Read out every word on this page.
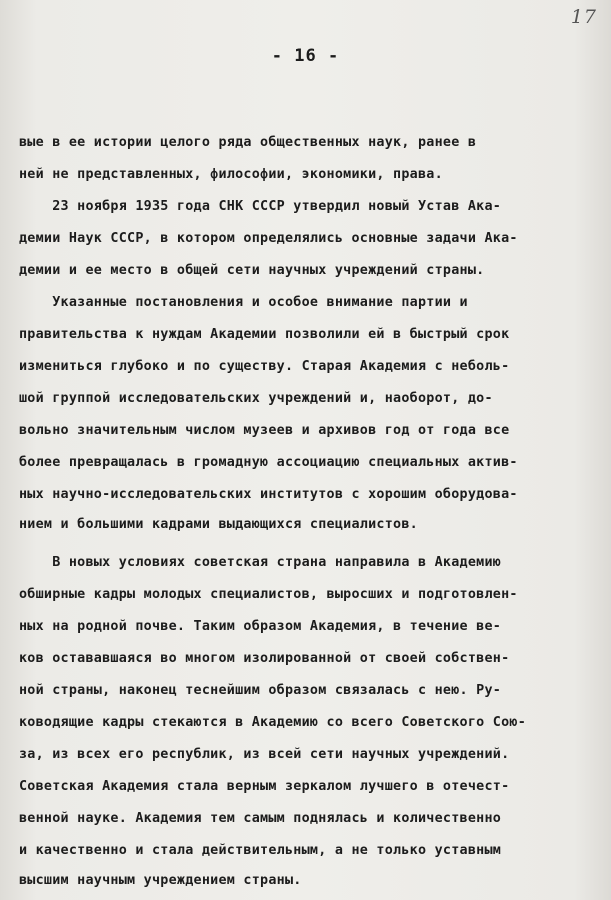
17
- 16 -
вые в ее истории целого ряда общественных наук, ранее в
ней не представленных, философии, экономики, права.
23 ноября 1935 года СНК СССР утвердил новый Устав Ака-
демии Наук СССР, в котором определялись основные задачи Ака-
демии и ее место в общей сети научных учреждений страны.
Указанные постановления и особое внимание партии и
правительства к нуждам Академии позволили ей в быстрый срок
измениться глубоко и по существу. Старая Академия с неболь-
шой группой исследовательских учреждений и, наоборот, до-
вольно значительным числом музеев и архивов год от года все
более превращалась в громадную ассоциацию специальных актив-
ных научно-исследовательских институтов с хорошим оборудова-
нием и большими кадрами выдающихся специалистов.
В новых условиях советская страна направила в Академию
обширные кадры молодых специалистов, выросших и подготовлен-
ных на родной почве. Таким образом Академия, в течение ве-
ков остававшаяся во многом изолированной от своей собствен-
ной страны, наконец теснейшим образом связалась с нею. Ру-
ководящие кадры стекаются в Академию со всего Советского Сою-
за, из всех его республик, из всей сети научных учреждений.
Советская Академия стала верным зеркалом лучшего в отечест-
венной науке. Академия тем самым поднялась и количественно
и качественно и стала действительным, а не только уставным
высшим научным учреждением страны.
